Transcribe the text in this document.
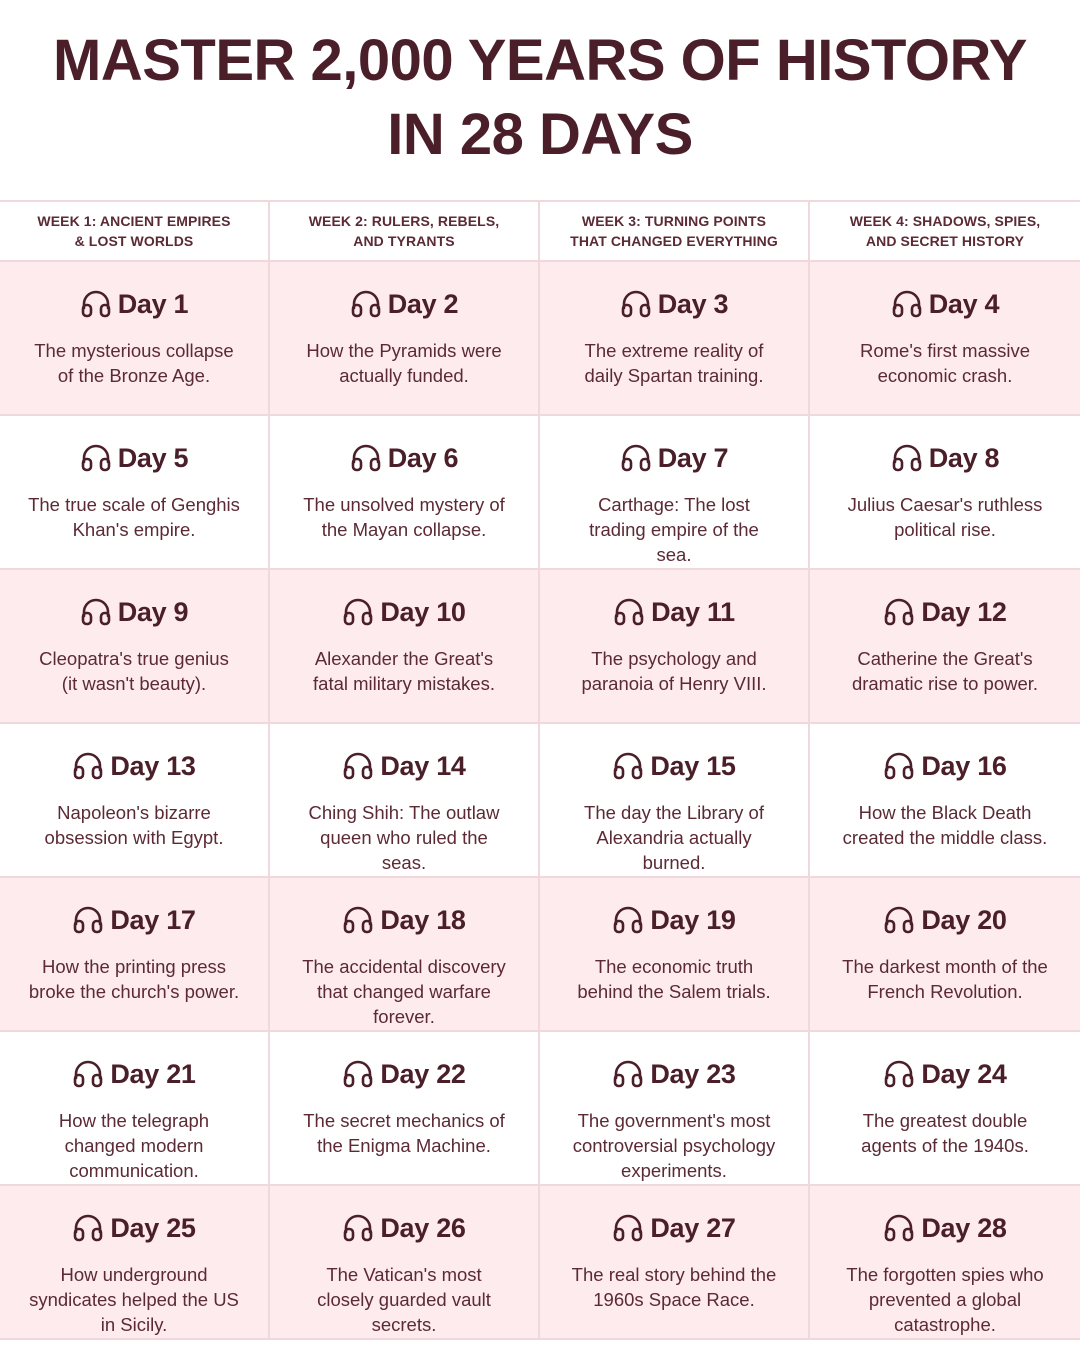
MASTER 2,000 YEARS OF HISTORY
IN 28 DAYS
WEEK 1: ANCIENT EMPIRES
& LOST WORLDS
WEEK 2: RULERS, REBELS,
AND TYRANTS
WEEK 3: TURNING POINTS
THAT CHANGED EVERYTHING
WEEK 4: SHADOWS, SPIES,
AND SECRET HISTORY
Day 1
The mysterious collapse
of the Bronze Age.
Day 2
How the Pyramids were
actually funded.
Day 3
The extreme reality of
daily Spartan training.
Day 4
Rome's first massive
economic crash.
Day 5
The true scale of Genghis
Khan's empire.
Day 6
The unsolved mystery of
the Mayan collapse.
Day 7
Carthage: The lost
trading empire of the
sea.
Day 8
Julius Caesar's ruthless
political rise.
Day 9
Cleopatra's true genius
(it wasn't beauty).
Day 10
Alexander the Great's
fatal military mistakes.
Day 11
The psychology and
paranoia of Henry VIII.
Day 12
Catherine the Great's
dramatic rise to power.
Day 13
Napoleon's bizarre
obsession with Egypt.
Day 14
Ching Shih: The outlaw
queen who ruled the
seas.
Day 15
The day the Library of
Alexandria actually
burned.
Day 16
How the Black Death
created the middle class.
Day 17
How the printing press
broke the church's power.
Day 18
The accidental discovery
that changed warfare
forever.
Day 19
The economic truth
behind the Salem trials.
Day 20
The darkest month of the
French Revolution.
Day 21
How the telegraph
changed modern
communication.
Day 22
The secret mechanics of
the Enigma Machine.
Day 23
The government's most
controversial psychology
experiments.
Day 24
The greatest double
agents of the 1940s.
Day 25
How underground
syndicates helped the US
in Sicily.
Day 26
The Vatican's most
closely guarded vault
secrets.
Day 27
The real story behind the
1960s Space Race.
Day 28
The forgotten spies who
prevented a global
catastrophe.
